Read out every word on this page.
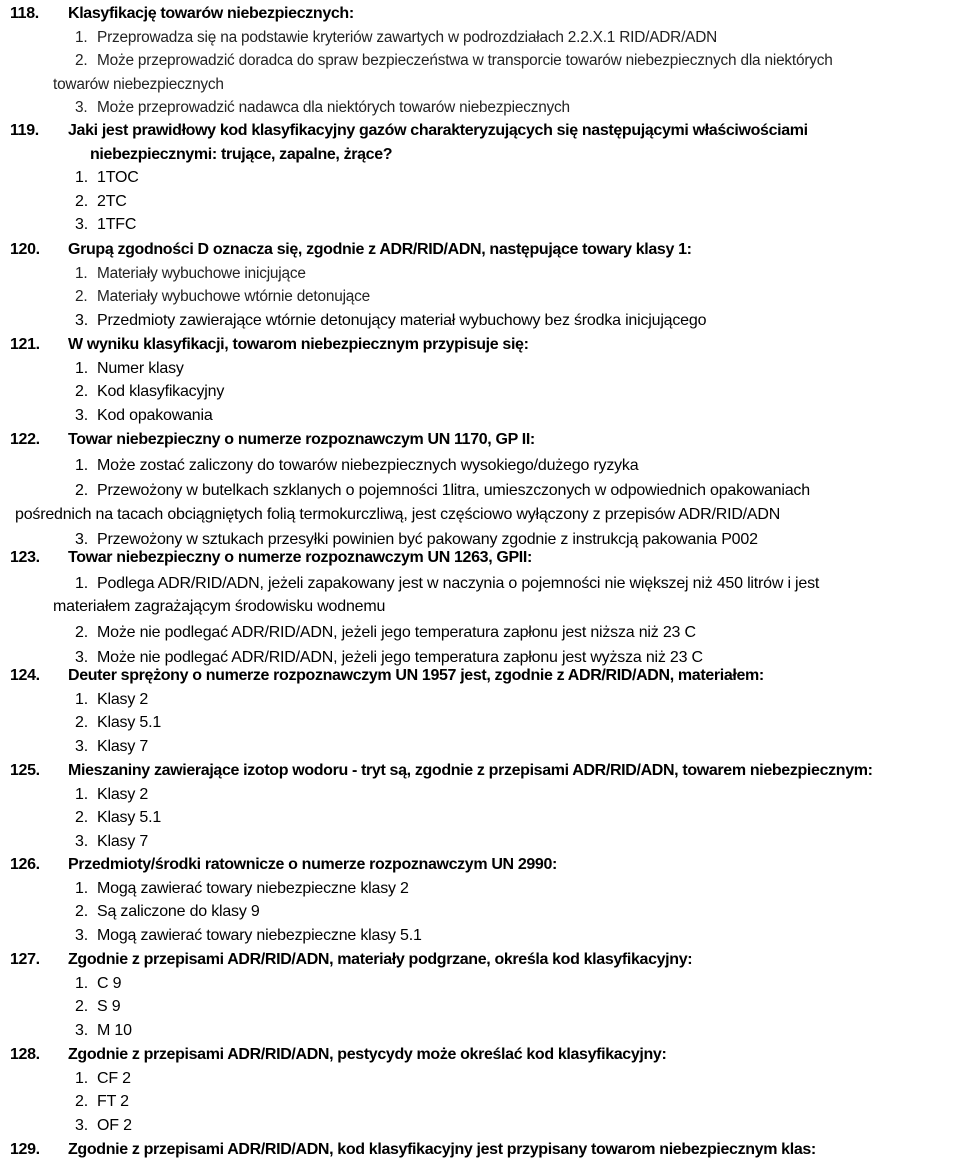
118.	Klasyfikację towarów niebezpiecznych:
1. Przeprowadza się na podstawie kryteriów zawartych w podrozdziałach 2.2.X.1 RID/ADR/ADN
2. Może przeprowadzić doradca do spraw bezpieczeństwa w transporcie towarów niebezpiecznych dla niektórych
towarów niebezpiecznych
3. Może przeprowadzić nadawca dla niektórych towarów niebezpiecznych
119.	Jaki jest prawidłowy kod klasyfikacyjny gazów charakteryzujących się następującymi właściwościami
niebezpiecznymi: trujące, zapalne, żrące?
1. 1TOC
2. 2TC
3. 1TFC
120.	Grupą zgodności D oznacza się, zgodnie z ADR/RID/ADN, następujące towary klasy 1:
1. Materiały wybuchowe inicjujące
2. Materiały wybuchowe wtórnie detonujące
3. Przedmioty zawierające wtórnie detonujący materiał wybuchowy bez środka inicjującego
121.	W wyniku klasyfikacji, towarom niebezpiecznym przypisuje się:
1. Numer klasy
2. Kod klasyfikacyjny
3. Kod opakowania
122.	Towar niebezpieczny o numerze rozpoznawczym UN 1170, GP II:
1. Może zostać zaliczony do towarów niebezpiecznych wysokiego/dużego ryzyka
2. Przewożony w butelkach szklanych o pojemności 1litra, umieszczonych w odpowiednich opakowaniach
pośrednich na tacach obciągniętych folią termokurczliwą, jest częściowo wyłączony z przepisów ADR/RID/ADN
3. Przewożony w sztukach przesyłki powinien być pakowany zgodnie z instrukcją pakowania P002
123.	Towar niebezpieczny o numerze rozpoznawczym UN 1263, GPII:
1. Podlega ADR/RID/ADN, jeżeli zapakowany jest w naczynia o pojemności nie większej niż 450 litrów i jest
materiałem zagrażającym środowisku wodnemu
2. Może nie podlegać ADR/RID/ADN, jeżeli jego temperatura zapłonu jest niższa niż 23 C
3. Może nie podlegać ADR/RID/ADN, jeżeli jego temperatura zapłonu jest wyższa niż 23 C
124.	Deuter sprężony o numerze rozpoznawczym UN 1957 jest, zgodnie z ADR/RID/ADN, materiałem:
1. Klasy 2
2. Klasy 5.1
3. Klasy 7
125.	Mieszaniny zawierające izotop wodoru - tryt są, zgodnie z przepisami ADR/RID/ADN, towarem niebezpiecznym:
1. Klasy 2
2. Klasy 5.1
3. Klasy 7
126.	Przedmioty/środki ratownicze o numerze rozpoznawczym UN 2990:
1. Mogą zawierać towary niebezpieczne klasy 2
2. Są zaliczone do klasy 9
3. Mogą zawierać towary niebezpieczne klasy 5.1
127.	Zgodnie z przepisami ADR/RID/ADN, materiały podgrzane, określa kod klasyfikacyjny:
1. C 9
2. S 9
3. M 10
128.	Zgodnie z przepisami ADR/RID/ADN, pestycydy może określać kod klasyfikacyjny:
1. CF 2
2. FT 2
3. OF 2
129.	Zgodnie z przepisami ADR/RID/ADN, kod klasyfikacyjny jest przypisany towarom niebezpiecznym klas:
